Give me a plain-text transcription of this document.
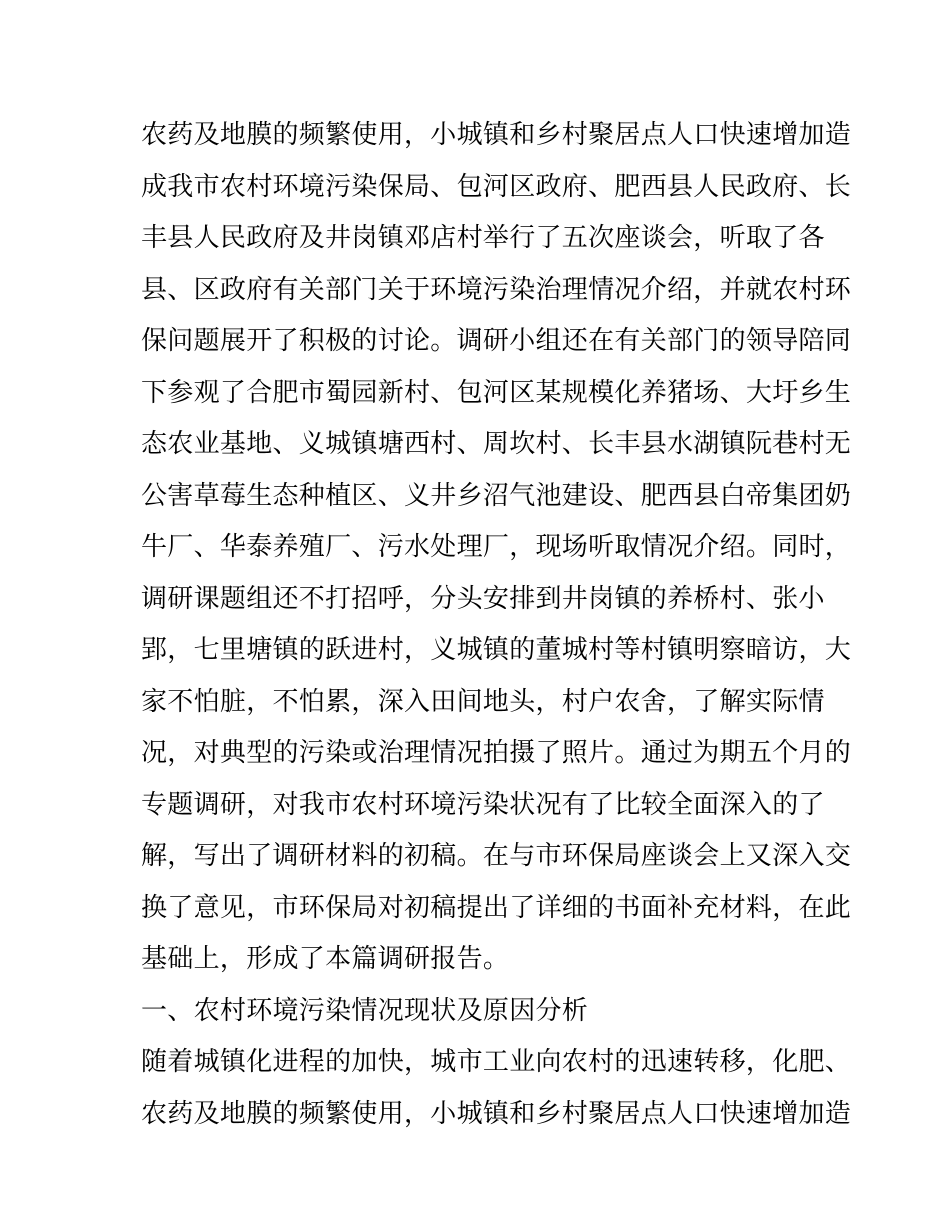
农药及地膜的频繁使用，小城镇和乡村聚居点人口快速增加造
成我市农村环境污染保局、包河区政府、肥西县人民政府、长
丰县人民政府及井岗镇邓店村举行了五次座谈会，听取了各
县、区政府有关部门关于环境污染治理情况介绍，并就农村环
保问题展开了积极的讨论。调研小组还在有关部门的领导陪同
下参观了合肥市蜀园新村、包河区某规模化养猪场、大圩乡生
态农业基地、义城镇塘西村、周坎村、长丰县水湖镇阮巷村无
公害草莓生态种植区、义井乡沼气池建设、肥西县白帝集团奶
牛厂、华泰养殖厂、污水处理厂，现场听取情况介绍。同时，
调研课题组还不打招呼，分头安排到井岗镇的养桥村、张小
郢，七里塘镇的跃进村，义城镇的董城村等村镇明察暗访，大
家不怕脏，不怕累，深入田间地头，村户农舍，了解实际情
况，对典型的污染或治理情况拍摄了照片。通过为期五个月的
专题调研，对我市农村环境污染状况有了比较全面深入的了
解，写出了调研材料的初稿。在与市环保局座谈会上又深入交
换了意见，市环保局对初稿提出了详细的书面补充材料，在此
基础上，形成了本篇调研报告。
一、农村环境污染情况现状及原因分析
随着城镇化进程的加快，城市工业向农村的迅速转移，化肥、
农药及地膜的频繁使用，小城镇和乡村聚居点人口快速增加造
